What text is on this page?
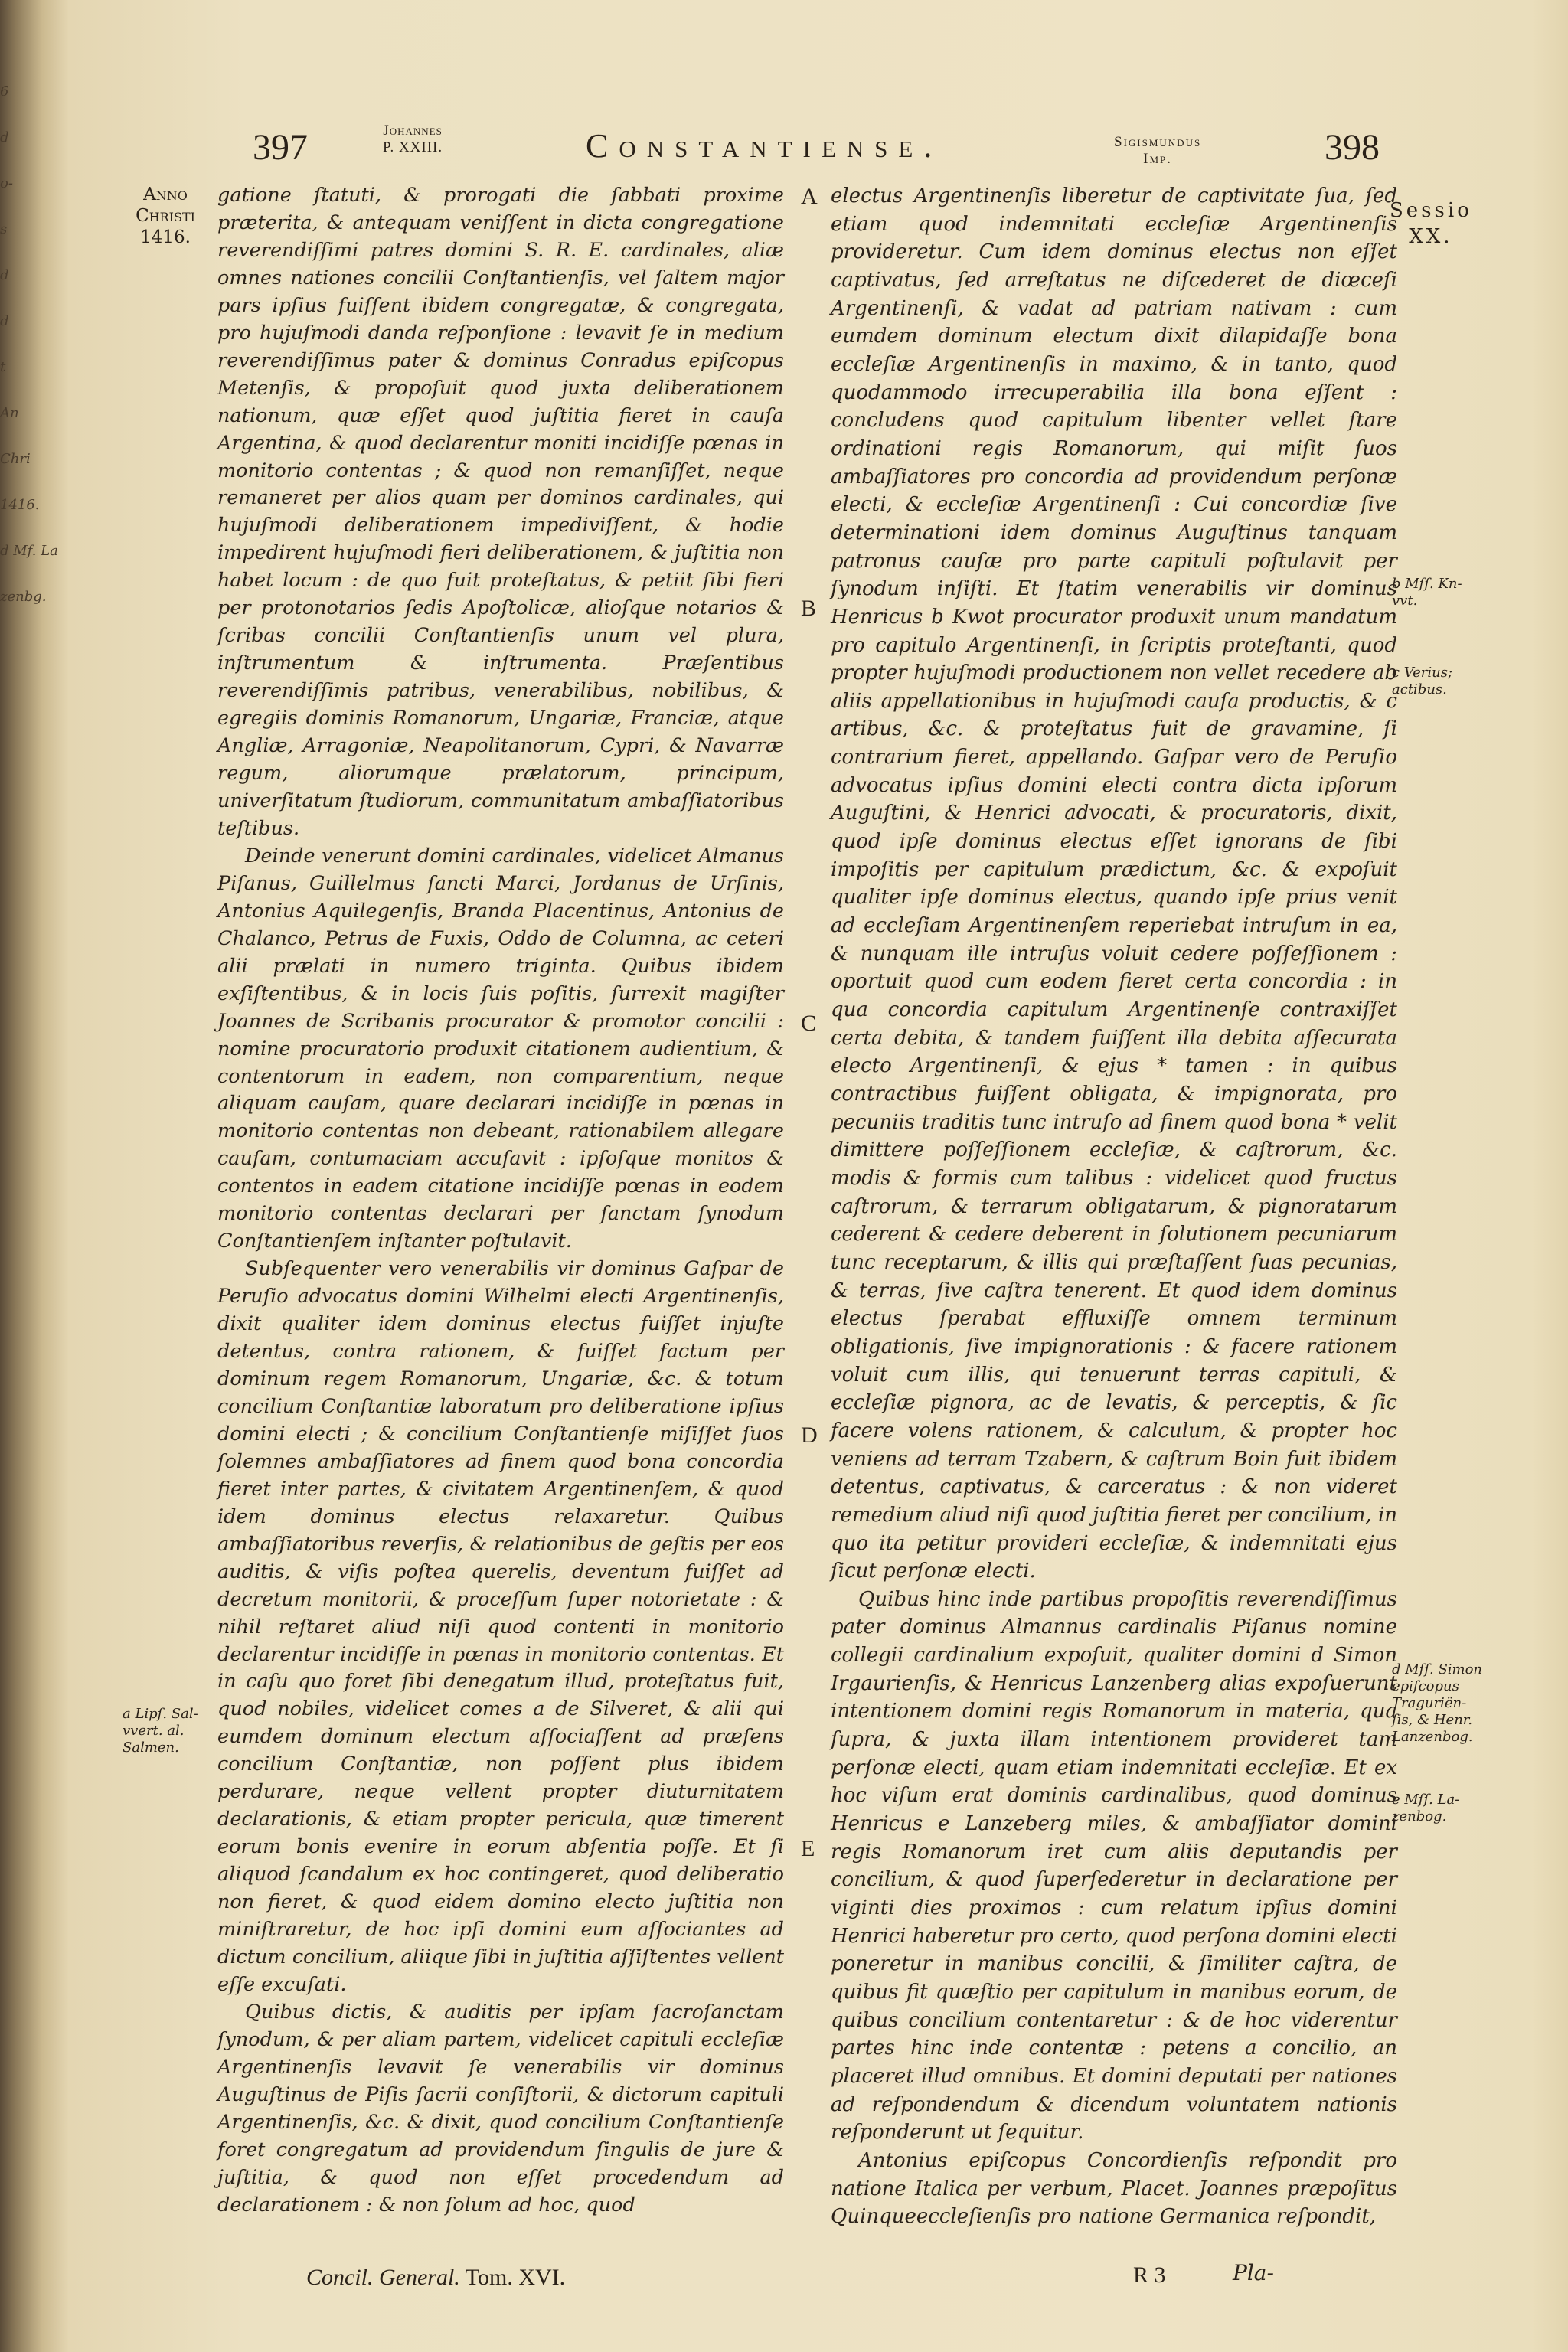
6
d
o-
s
d
d
t
An
Chri
1416.
d Mf. La
zenbg.
397	Johannes
P. XXIII.	Constantiense.	Sigismundus
Imp.	398
Anno
Christi
1416.
Sessio
XX.
A
B
C
D
E
a Lipſ. Sal-
vvert. al.
Salmen.
b Mſſ. Kn-
vvt.
c Verius;
actibus.
d Mſſ. Simon
epiſcopus
Traguriën-
ſis, & Henr.
Lanzenbog.
e Mſſ. La-
zenbog.

gatione ſtatuti, & prorogati die ſabbati proxime præterita, & antequam veniſſent in dicta congregatione reverendiſſimi patres domini S. R. E. cardinales, aliæ omnes nationes concilii Conſtantienſis, vel ſaltem major pars ipſius fuiſſent ibidem congregatæ, & congregata, pro hujuſmodi danda reſponſione : levavit ſe in medium reverendiſſimus pater & dominus Conradus epiſcopus Metenſis, & propoſuit quod juxta deliberationem nationum, quæ eſſet quod juſtitia fieret in cauſa Argentina, & quod declarentur moniti incidiſſe pœnas in monitorio contentas ; & quod non remanſiſſet, neque remaneret per alios quam per dominos cardinales, qui hujuſmodi deliberationem impediviſſent, & hodie impedirent hujuſmodi fieri deliberationem, & juſtitia non habet locum : de quo fuit proteſtatus, & petiit ſibi fieri per protonotarios ſedis Apoſtolicæ, alioſque notarios & ſcribas concilii Conſtantienſis unum vel plura, inſtrumentum & inſtrumenta. Præſentibus reverendiſſimis patribus, venerabilibus, nobilibus, & egregiis dominis Romanorum, Ungariæ, Franciæ, atque Angliæ, Arragoniæ, Neapolitanorum, Cypri, & Navarræ regum, aliorumque prælatorum, principum, univerſitatum ſtudiorum, communitatum ambaſſiatoribus teſtibus.

Deinde venerunt domini cardinales, videlicet Almanus Piſanus, Guillelmus ſancti Marci, Jordanus de Urſinis, Antonius Aquilegenſis, Branda Placentinus, Antonius de Chalanco, Petrus de Fuxis, Oddo de Columna, ac ceteri alii prælati in numero triginta. Quibus ibidem exſiſtentibus, & in locis ſuis poſitis, ſurrexit magiſter Joannes de Scribanis procurator & promotor concilii : nomine procuratorio produxit citationem audientium, & contentorum in eadem, non comparentium, neque aliquam cauſam, quare declarari incidiſſe in pœnas in monitorio contentas non debeant, rationabilem allegare cauſam, contumaciam accuſavit : ipſoſque monitos & contentos in eadem citatione incidiſſe pœnas in eodem monitorio contentas declarari per ſanctam ſynodum Conſtantienſem inſtanter poſtulavit.

Subſequenter vero venerabilis vir dominus Gaſpar de Peruſio advocatus domini Wilhelmi electi Argentinenſis, dixit qualiter idem dominus electus fuiſſet injuſte detentus, contra rationem, & fuiſſet factum per dominum regem Romanorum, Ungariæ, &c. & totum concilium Conſtantiæ laboratum pro deliberatione ipſius domini electi ; & concilium Conſtantienſe miſiſſet ſuos ſolemnes ambaſſiatores ad finem quod bona concordia fieret inter partes, & civitatem Argentinenſem, & quod idem dominus electus relaxaretur. Quibus ambaſſiatoribus reverſis, & relationibus de geſtis per eos auditis, & viſis poſtea querelis, deventum fuiſſet ad decretum monitorii, & proceſſum ſuper notorietate : & nihil reſtaret aliud niſi quod contenti in monitorio declarentur incidiſſe in pœnas in monitorio contentas. Et in caſu quo foret ſibi denegatum illud, proteſtatus fuit, quod nobiles, videlicet comes a de Silveret, & alii qui eumdem dominum electum aſſociaſſent ad præſens concilium Conſtantiæ, non poſſent plus ibidem perdurare, neque vellent propter diuturnitatem declarationis, & etiam propter pericula, quæ timerent eorum bonis evenire in eorum abſentia poſſe. Et ſi aliquod ſcandalum ex hoc contingeret, quod deliberatio non fieret, & quod eidem domino electo juſtitia non miniſtraretur, de hoc ipſi domini eum aſſociantes ad dictum concilium, aliique ſibi in juſtitia aſſiſtentes vellent eſſe excuſati.

Quibus dictis, & auditis per ipſam ſacroſanctam ſynodum, & per aliam partem, videlicet capituli eccleſiæ Argentinenſis levavit ſe venerabilis vir dominus Auguſtinus de Piſis ſacrii conſiſtorii, & dictorum capituli Argentinenſis, &c. & dixit, quod concilium Conſtantienſe foret congregatum ad providendum ſingulis de jure & juſtitia, & quod non eſſet procedendum ad declarationem : & non ſolum ad hoc, quod

electus Argentinenſis liberetur de captivitate ſua, ſed etiam quod indemnitati eccleſiæ Argentinenſis provideretur. Cum idem dominus electus non eſſet captivatus, ſed arreſtatus ne diſcederet de diœceſi Argentinenſi, & vadat ad patriam nativam : cum eumdem dominum electum dixit dilapidaſſe bona eccleſiæ Argentinenſis in maximo, & in tanto, quod quodammodo irrecuperabilia illa bona eſſent : concludens quod capitulum libenter vellet ſtare ordinationi regis Romanorum, qui miſit ſuos ambaſſiatores pro concordia ad providendum perſonæ electi, & eccleſiæ Argentinenſi : Cui concordiæ ſive determinationi idem dominus Auguſtinus tanquam patronus cauſæ pro parte capituli poſtulavit per ſynodum inſiſti. Et ſtatim venerabilis vir dominus Henricus b Kwot procurator produxit unum mandatum pro capitulo Argentinenſi, in ſcriptis proteſtanti, quod propter hujuſmodi productionem non vellet recedere ab aliis appellationibus in hujuſmodi cauſa productis, & c artibus, &c. & proteſtatus fuit de gravamine, ſi contrarium fieret, appellando. Gaſpar vero de Peruſio advocatus ipſius domini electi contra dicta ipſorum Auguſtini, & Henrici advocati, & procuratoris, dixit, quod ipſe dominus electus eſſet ignorans de ſibi impoſitis per capitulum prædictum, &c. & expoſuit qualiter ipſe dominus electus, quando ipſe prius venit ad eccleſiam Argentinenſem reperiebat intruſum in ea, & nunquam ille intruſus voluit cedere poſſeſſionem : oportuit quod cum eodem fieret certa concordia : in qua concordia capitulum Argentinenſe contraxiſſet certa debita, & tandem fuiſſent illa debita aſſecurata electo Argentinenſi, & ejus * tamen : in quibus contractibus fuiſſent obligata, & impignorata, pro pecuniis traditis tunc intruſo ad finem quod bona * velit dimittere poſſeſſionem eccleſiæ, & caſtrorum, &c. modis & formis cum talibus : videlicet quod fructus caſtrorum, & terrarum obligatarum, & pignoratarum cederent & cedere deberent in ſolutionem pecuniarum tunc receptarum, & illis qui præſtaſſent ſuas pecunias, & terras, ſive caſtra tenerent. Et quod idem dominus electus ſperabat effluxiſſe omnem terminum obligationis, ſive impignorationis : & facere rationem voluit cum illis, qui tenuerunt terras capituli, & eccleſiæ pignora, ac de levatis, & perceptis, & ſic facere volens rationem, & calculum, & propter hoc veniens ad terram Tzabern, & caſtrum Boin fuit ibidem detentus, captivatus, & carceratus : & non videret remedium aliud niſi quod juſtitia fieret per concilium, in quo ita petitur provideri eccleſiæ, & indemnitati ejus ſicut perſonæ electi.

Quibus hinc inde partibus propoſitis reverendiſſimus pater dominus Almannus cardinalis Piſanus nomine collegii cardinalium expoſuit, qualiter domini d Simon Irgaurienſis, & Henricus Lanzenberg alias expoſuerunt intentionem domini regis Romanorum in materia, qua ſupra, & juxta illam intentionem provideret tam perſonæ electi, quam etiam indemnitati eccleſiæ. Et ex hoc viſum erat dominis cardinalibus, quod dominus Henricus e Lanzeberg miles, & ambaſſiator domini regis Romanorum iret cum aliis deputandis per concilium, & quod ſuperſederetur in declaratione per viginti dies proximos : cum relatum ipſius domini Henrici haberetur pro certo, quod perſona domini electi poneretur in manibus concilii, & ſimiliter caſtra, de quibus fit quæſtio per capitulum in manibus eorum, de quibus concilium contentaretur : & de hoc viderentur partes hinc inde contentæ : petens a concilio, an placeret illud omnibus. Et domini deputati per nationes ad reſpondendum & dicendum voluntatem nationis reſponderunt ut ſequitur.

Antonius epiſcopus Concordienſis reſpondit pro natione Italica per verbum, Placet. Joannes præpoſitus Quinqueeccleſienſis pro natione Germanica reſpondit,

Concil. General. Tom. XVI.	R 3	Pla-
